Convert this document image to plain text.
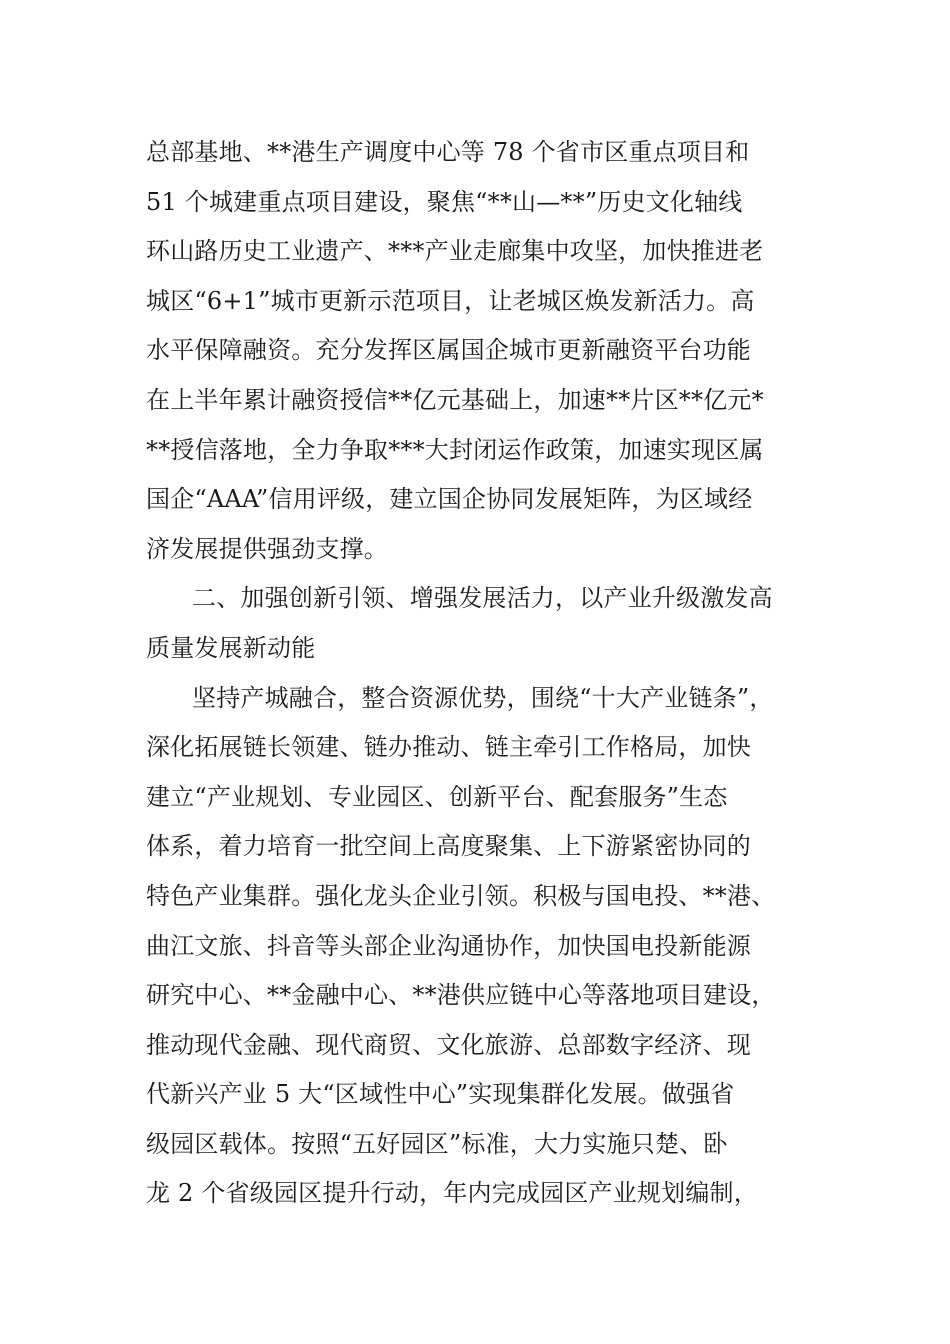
总部基地、**港生产调度中心等 78 个省市区重点项目和
51 个城建重点项目建设，聚焦“**山—**”历史文化轴线
环山路历史工业遗产、***产业走廊集中攻坚，加快推进老
城区“6+1”城市更新示范项目，让老城区焕发新活力。高
水平保障融资。充分发挥区属国企城市更新融资平台功能
在上半年累计融资授信**亿元基础上，加速**片区**亿元*
**授信落地，全力争取***大封闭运作政策，加速实现区属
国企“AAA”信用评级，建立国企协同发展矩阵，为区域经
济发展提供强劲支撑。
二、加强创新引领、增强发展活力，以产业升级激发高
质量发展新动能
坚持产城融合，整合资源优势，围绕“十大产业链条”，
深化拓展链长领建、链办推动、链主牵引工作格局，加快
建立“产业规划、专业园区、创新平台、配套服务”生态
体系，着力培育一批空间上高度聚集、上下游紧密协同的
特色产业集群。强化龙头企业引领。积极与国电投、**港、
曲江文旅、抖音等头部企业沟通协作，加快国电投新能源
研究中心、**金融中心、**港供应链中心等落地项目建设，
推动现代金融、现代商贸、文化旅游、总部数字经济、现
代新兴产业 5 大“区域性中心”实现集群化发展。做强省
级园区载体。按照“五好园区”标准，大力实施只楚、卧
龙 2 个省级园区提升行动，年内完成园区产业规划编制，
